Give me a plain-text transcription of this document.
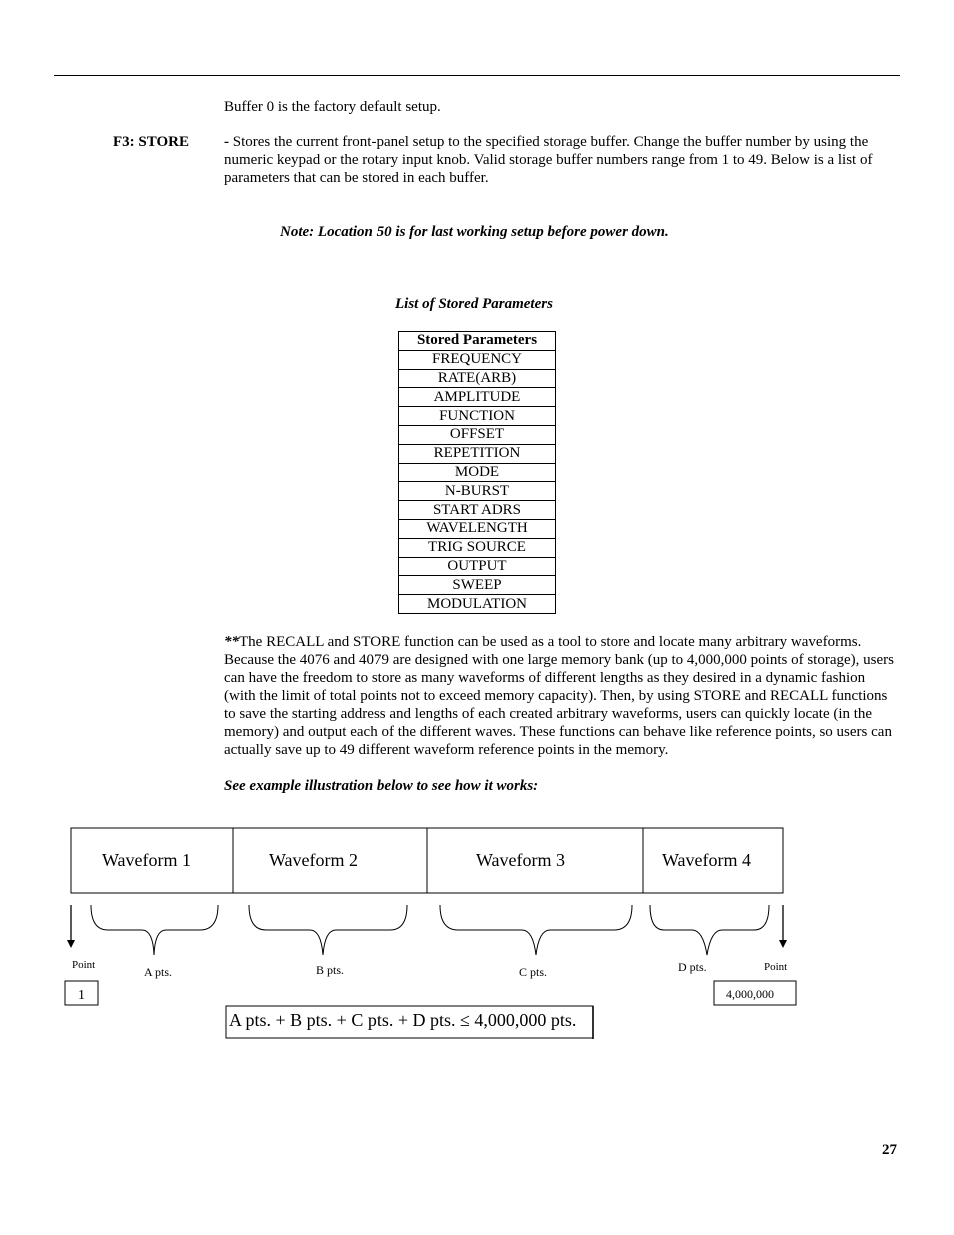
Buffer 0 is the factory default setup.

F3: STORE - Stores the current front-panel setup to the specified storage buffer. Change the buffer number by using the numeric keypad or the rotary input knob. Valid storage buffer numbers range from 1 to 49. Below is a list of parameters that can be stored in each buffer.

Note: Location 50 is for last working setup before power down.

List of Stored Parameters

Stored Parameters
FREQUENCY
RATE(ARB)
AMPLITUDE
FUNCTION
OFFSET
REPETITION
MODE
N-BURST
START ADRS
WAVELENGTH
TRIG SOURCE
OUTPUT
SWEEP
MODULATION

**The RECALL and STORE function can be used as a tool to store and locate many arbitrary waveforms. Because the 4076 and 4079 are designed with one large memory bank (up to 4,000,000 points of storage), users can have the freedom to store as many waveforms of different lengths as they desired in a dynamic fashion (with the limit of total points not to exceed memory capacity). Then, by using STORE and RECALL functions to save the starting address and lengths of each created arbitrary waveforms, users can quickly locate (in the memory) and output each of the different waves. These functions can behave like reference points, so users can actually save up to 49 different waveform reference points in the memory.

See example illustration below to see how it works:

Waveform 1	Waveform 2	Waveform 3	Waveform 4
A pts.	B pts.	C pts.	D pts.
Point	Point
1	4,000,000
A pts. + B pts. + C pts. + D pts. ≤ 4,000,000 pts.
27
